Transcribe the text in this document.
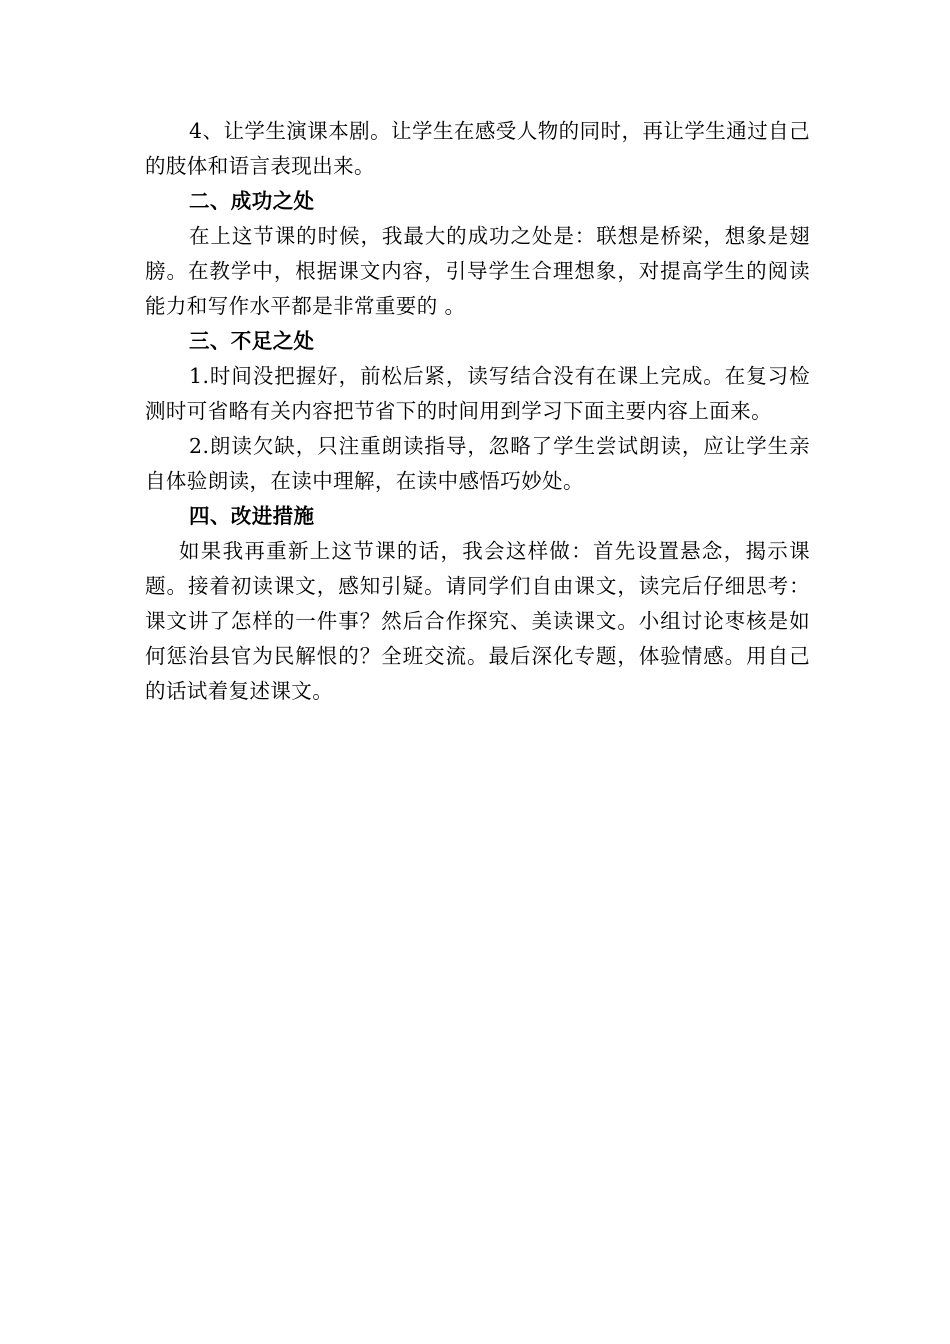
4、让学生演课本剧。让学生在感受人物的同时，再让学生通过自己的肢体和语言表现出来。

二、成功之处

在上这节课的时候，我最大的成功之处是：联想是桥梁，想象是翅膀。在教学中，根据课文内容，引导学生合理想象，对提高学生的阅读能力和写作水平都是非常重要的 。

三、不足之处

1.时间没把握好，前松后紧，读写结合没有在课上完成。在复习检测时可省略有关内容把节省下的时间用到学习下面主要内容上面来。

2.朗读欠缺，只注重朗读指导，忽略了学生尝试朗读，应让学生亲自体验朗读，在读中理解，在读中感悟巧妙处。

四、改进措施

如果我再重新上这节课的话，我会这样做：首先设置悬念，揭示课题。接着初读课文，感知引疑。请同学们自由课文，读完后仔细思考：课文讲了怎样的一件事？然后合作探究、美读课文。小组讨论枣核是如何惩治县官为民解恨的？全班交流。最后深化专题，体验情感。用自己的话试着复述课文。
